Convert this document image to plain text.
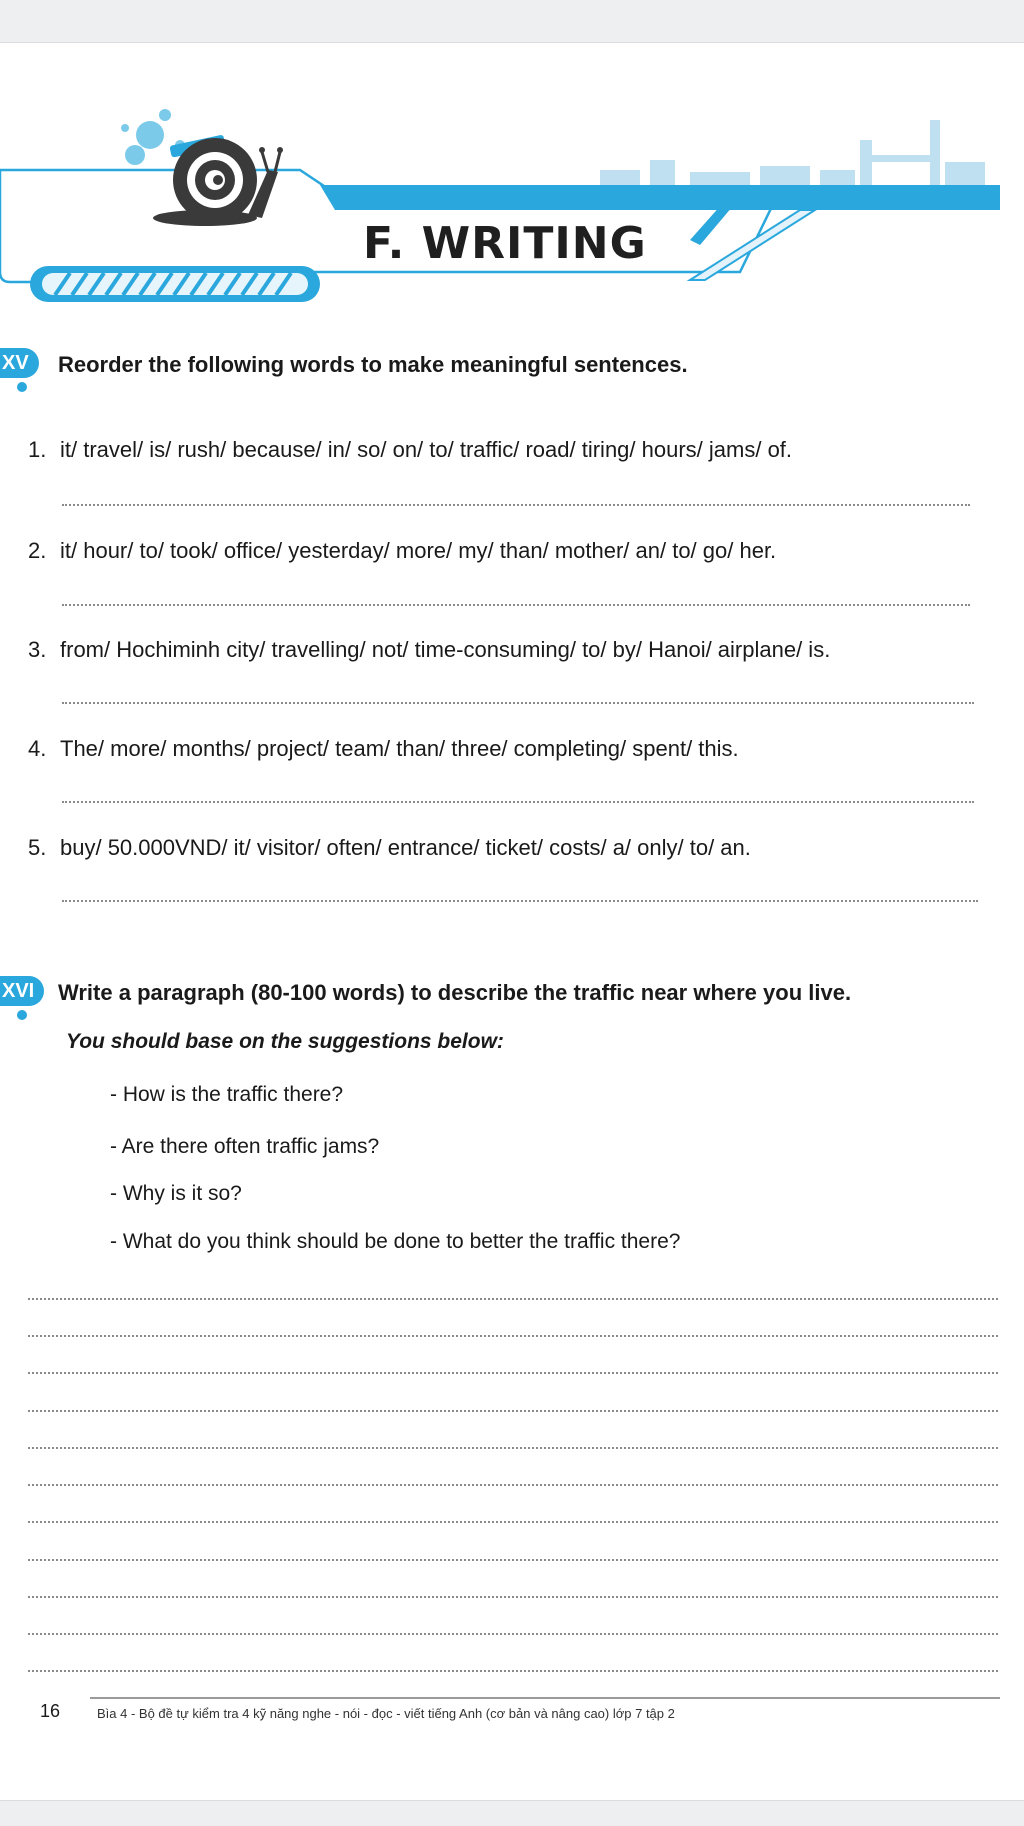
F. WRITING
XV	Reorder the following words to make meaningful sentences.
1. it/ travel/ is/ rush/ because/ in/ so/ on/ to/ traffic/ road/ tiring/ hours/ jams/ of.
2. it/ hour/ to/ took/ office/ yesterday/ more/ my/ than/ mother/ an/ to/ go/ her.
3. from/ Hochiminh city/ travelling/ not/ time-consuming/ to/ by/ Hanoi/ airplane/ is.
4. The/ more/ months/ project/ team/ than/ three/ completing/ spent/ this.
5. buy/ 50.000VND/ it/ visitor/ often/ entrance/ ticket/ costs/ a/ only/ to/ an.
XVI	Write a paragraph (80-100 words) to describe the traffic near where you live.
You should base on the suggestions below:
- How is the traffic there?
- Are there often traffic jams?
- Why is it so?
- What do you think should be done to better the traffic there?
16	Bìa 4 - Bộ đề tự kiểm tra 4 kỹ năng nghe - nói - đọc - viết tiếng Anh (cơ bản và nâng cao) lớp 7 tập 2
